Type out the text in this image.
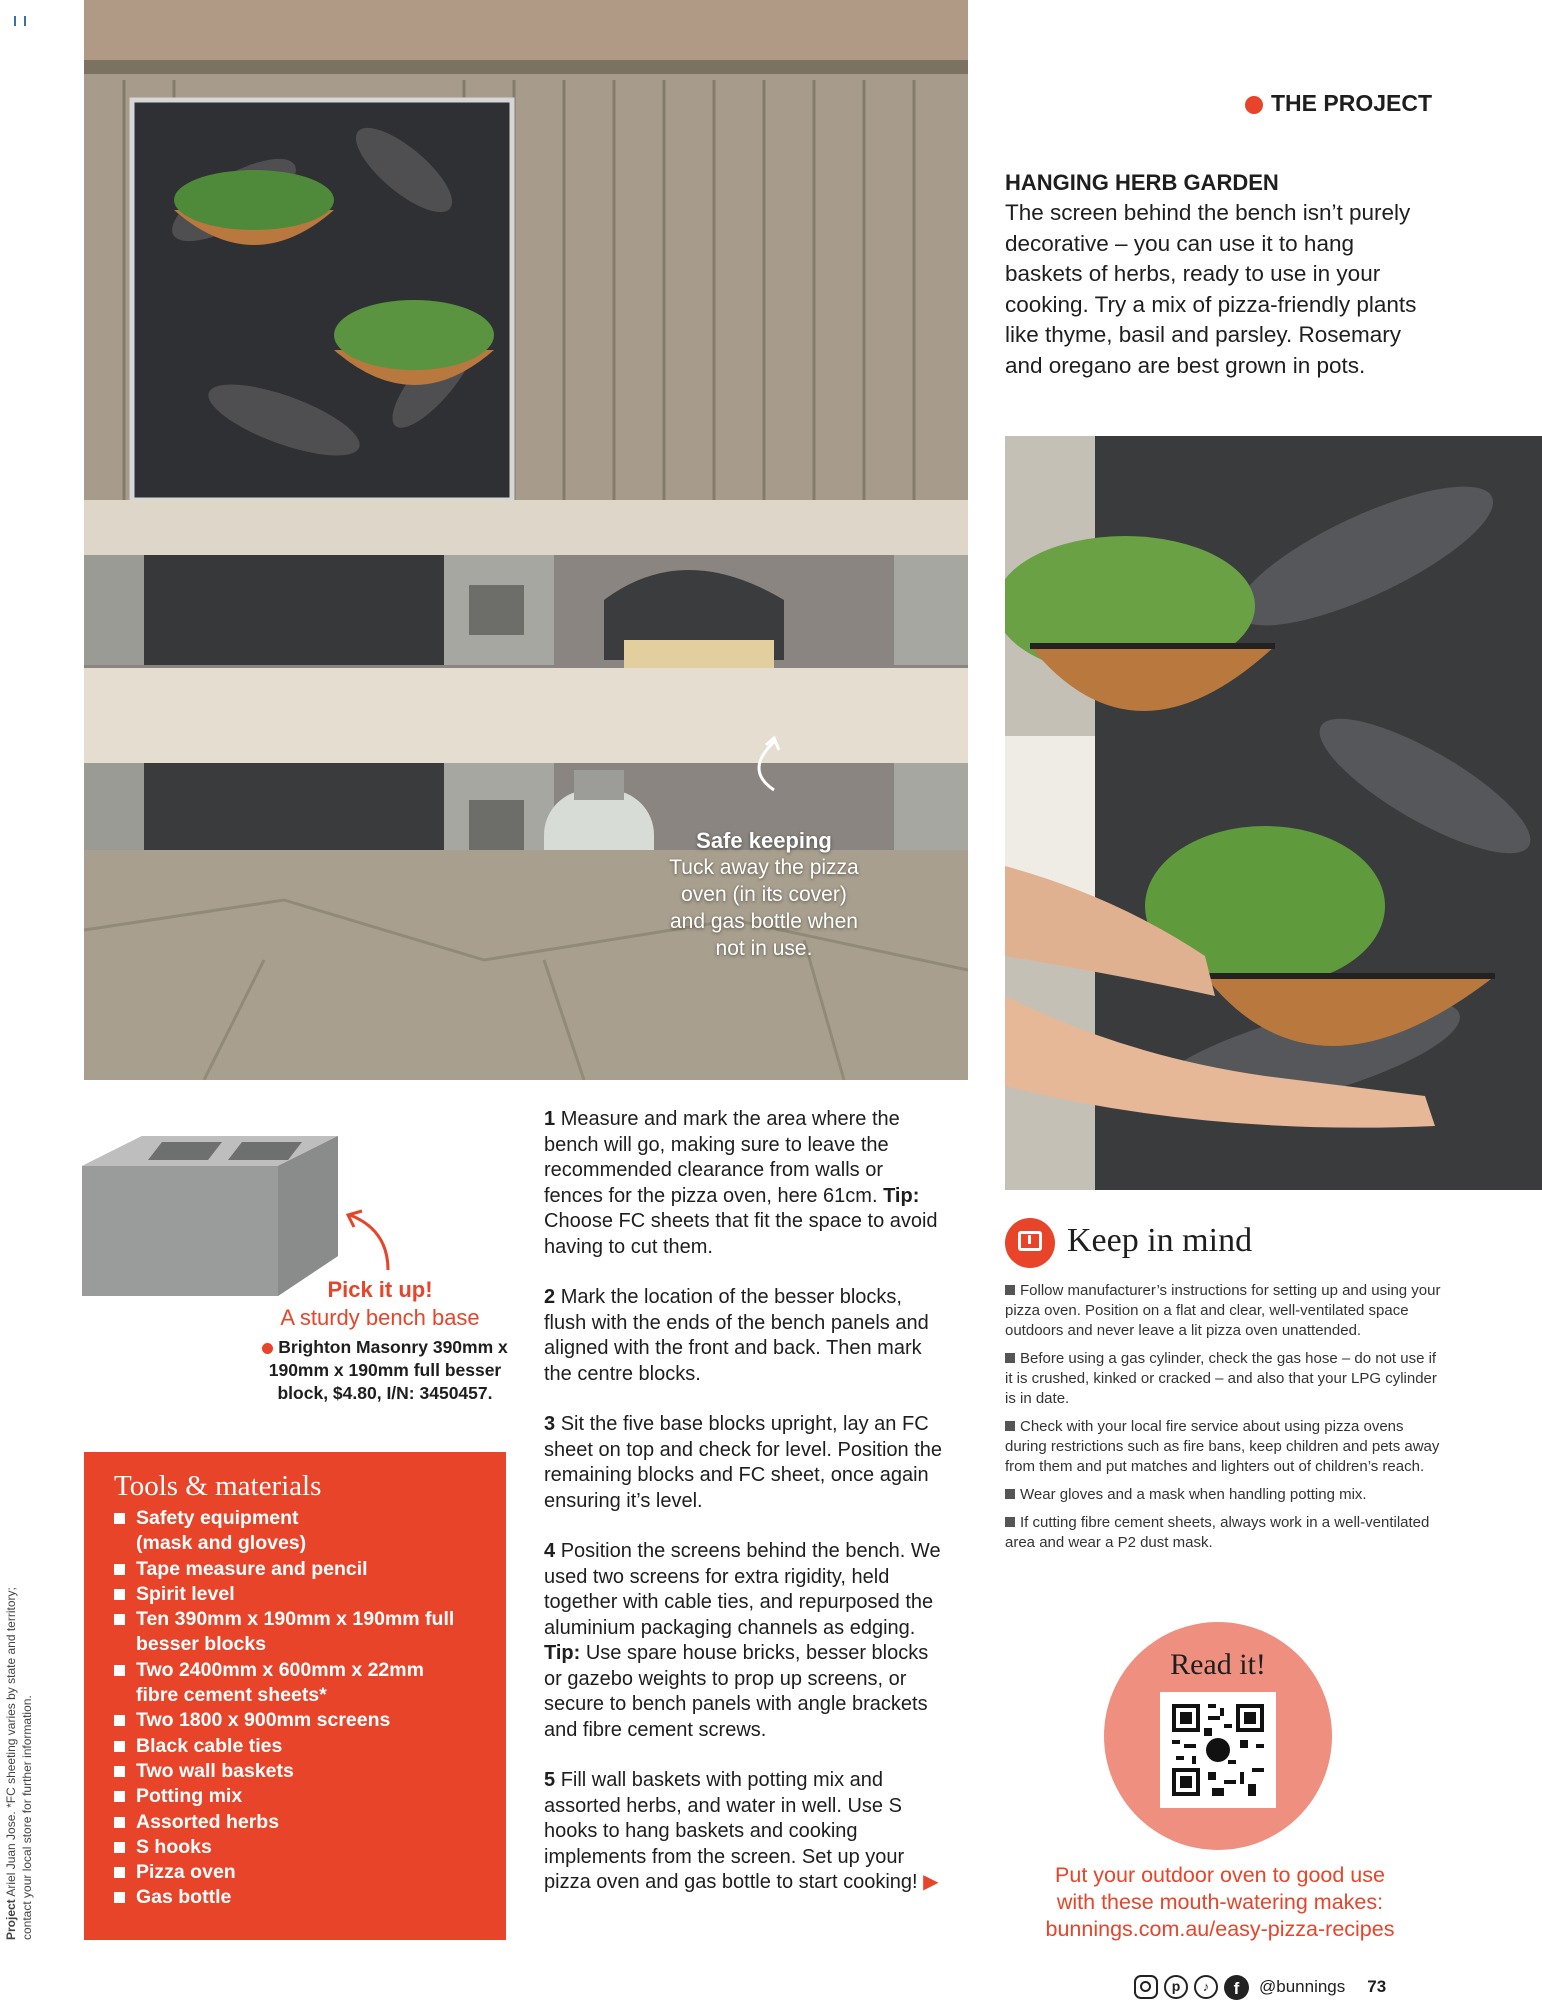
Safe keeping
Tuck away the pizza
oven (in its cover)
and gas bottle when
not in use.
THE PROJECT
HANGING HERB GARDEN

The screen behind the bench isn’t purely decorative – you can use it to hang baskets of herbs, ready to use in your cooking. Try a mix of pizza-friendly plants like thyme, basil and parsley. Rosemary and oregano are best grown in pots.

Pick it up!
A sturdy bench base
Brighton Masonry 390mm x
190mm x 190mm full besser
block, $4.80, I/N: 3450457.
Tools & materials
Safety equipment (mask and gloves)
Tape measure and pencil
Spirit level
Ten 390mm x 190mm x 190mm full besser blocks
Two 2400mm x 600mm x 22mm fibre cement sheets*
Two 1800 x 900mm screens
Black cable ties
Two wall baskets
Potting mix
Assorted herbs
S hooks
Pizza oven
Gas bottle

1 Measure and mark the area where the bench will go, making sure to leave the recommended clearance from walls or fences for the pizza oven, here 61cm. Tip: Choose FC sheets that fit the space to avoid having to cut them.

2 Mark the location of the besser blocks, flush with the ends of the bench panels and aligned with the front and back. Then mark the centre blocks.

3 Sit the five base blocks upright, lay an FC sheet on top and check for level. Position the remaining blocks and FC sheet, once again ensuring it’s level.

4 Position the screens behind the bench. We used two screens for extra rigidity, held together with cable ties, and repurposed the aluminium packaging channels as edging. Tip: Use spare house bricks, besser blocks or gazebo weights to prop up screens, or secure to bench panels with angle brackets and fibre cement screws.

5 Fill wall baskets with potting mix and assorted herbs, and water in well. Use S hooks to hang baskets and cooking implements from the screen. Set up your pizza oven and gas bottle to start cooking! ▶

Keep in mind
Follow manufacturer’s instructions for setting up and using your pizza oven. Position on a flat and clear, well-ventilated space outdoors and never leave a lit pizza oven unattended.
Before using a gas cylinder, check the gas hose – do not use if it is crushed, kinked or cracked – and also that your LPG cylinder is in date.
Check with your local fire service about using pizza ovens during restrictions such as fire bans, keep children and pets away from them and put matches and lighters out of children’s reach.
Wear gloves and a mask when handling potting mix.
If cutting fibre cement sheets, always work in a well-ventilated area and wear a P2 dust mask.
Read it!
Put your outdoor oven to good use
with these mouth-watering makes:
bunnings.com.au/easy-pizza-recipes
Project Ariel Juan Jose. *FC sheeting varies by state and territory; contact your local store for further information.
p	♪	f	@bunnings 73
